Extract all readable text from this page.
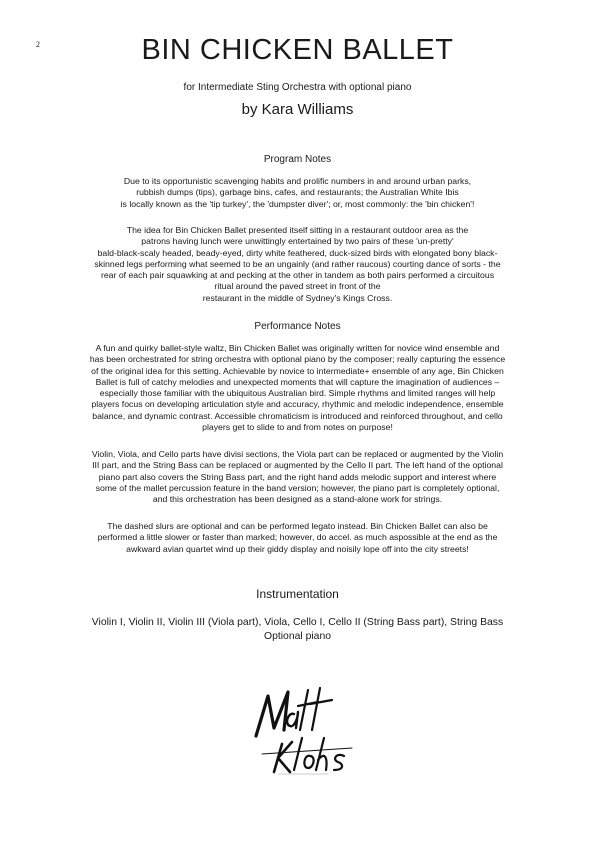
2	BIN CHICKEN BALLET
for Intermediate Sting Orchestra with optional piano
by Kara Williams
Program Notes
Due to its opportunistic scavenging habits and prolific numbers in and around urban parks,
rubbish dumps (tips), garbage bins, cafes, and restaurants; the Australian White Ibis
is locally known as the 'tip turkey', the 'dumpster diver'; or, most commonly: the 'bin chicken'!
The idea for Bin Chicken Ballet presented itself sitting in a restaurant outdoor area as the
patrons having lunch were unwittingly entertained by two pairs of these 'un-pretty'
bald-black-scaly headed, beady-eyed, dirty white feathered, duck-sized birds with elongated bony black-
skinned legs performing what seemed to be an ungainly (and rather raucous) courting dance of sorts - the
rear of each pair squawking at and pecking at the other in tandem as both pairs performed a circuitous
ritual around the paved street in front of the
restaurant in the middle of Sydney's Kings Cross.
Performance Notes
A fun and quirky ballet-style waltz, Bin Chicken Ballet was originally written for novice wind ensemble and
has been orchestrated for string orchestra with optional piano by the composer; really capturing the essence
of the original idea for this setting. Achievable by novice to intermediate+ ensemble of any age, Bin Chicken
Ballet is full of catchy melodies and unexpected moments that will capture the imagination of audiences –
especially those familiar with the ubiquitous Australian bird. Simple rhythms and limited ranges will help
players focus on developing articulation style and accuracy, rhythmic and melodic independence, ensemble
balance, and dynamic contrast. Accessible chromaticism is introduced and reinforced throughout, and cello
players get to slide to and from notes on purpose!
Violin, Viola, and Cello parts have divisi sections, the Viola part can be replaced or augmented by the Violin
III part, and the String Bass can be replaced or augmented by the Cello II part. The left hand of the optional
piano part also covers the String Bass part, and the right hand adds melodic support and interest where
some of the mallet percussion feature in the band version; however, the piano part is completely optional,
and this orchestration has been designed as a stand-alone work for strings.
The dashed slurs are optional and can be performed legato instead. Bin Chicken Ballet can also be
performed a little slower or faster than marked; however, do accel. as much aspossible at the end as the
awkward avian quartet wind up their giddy display and noisily lope off into the city streets!
Instrumentation
Violin I, Violin II, Violin III (Viola part), Viola, Cello I, Cello II (String Bass part), String Bass
Optional piano
